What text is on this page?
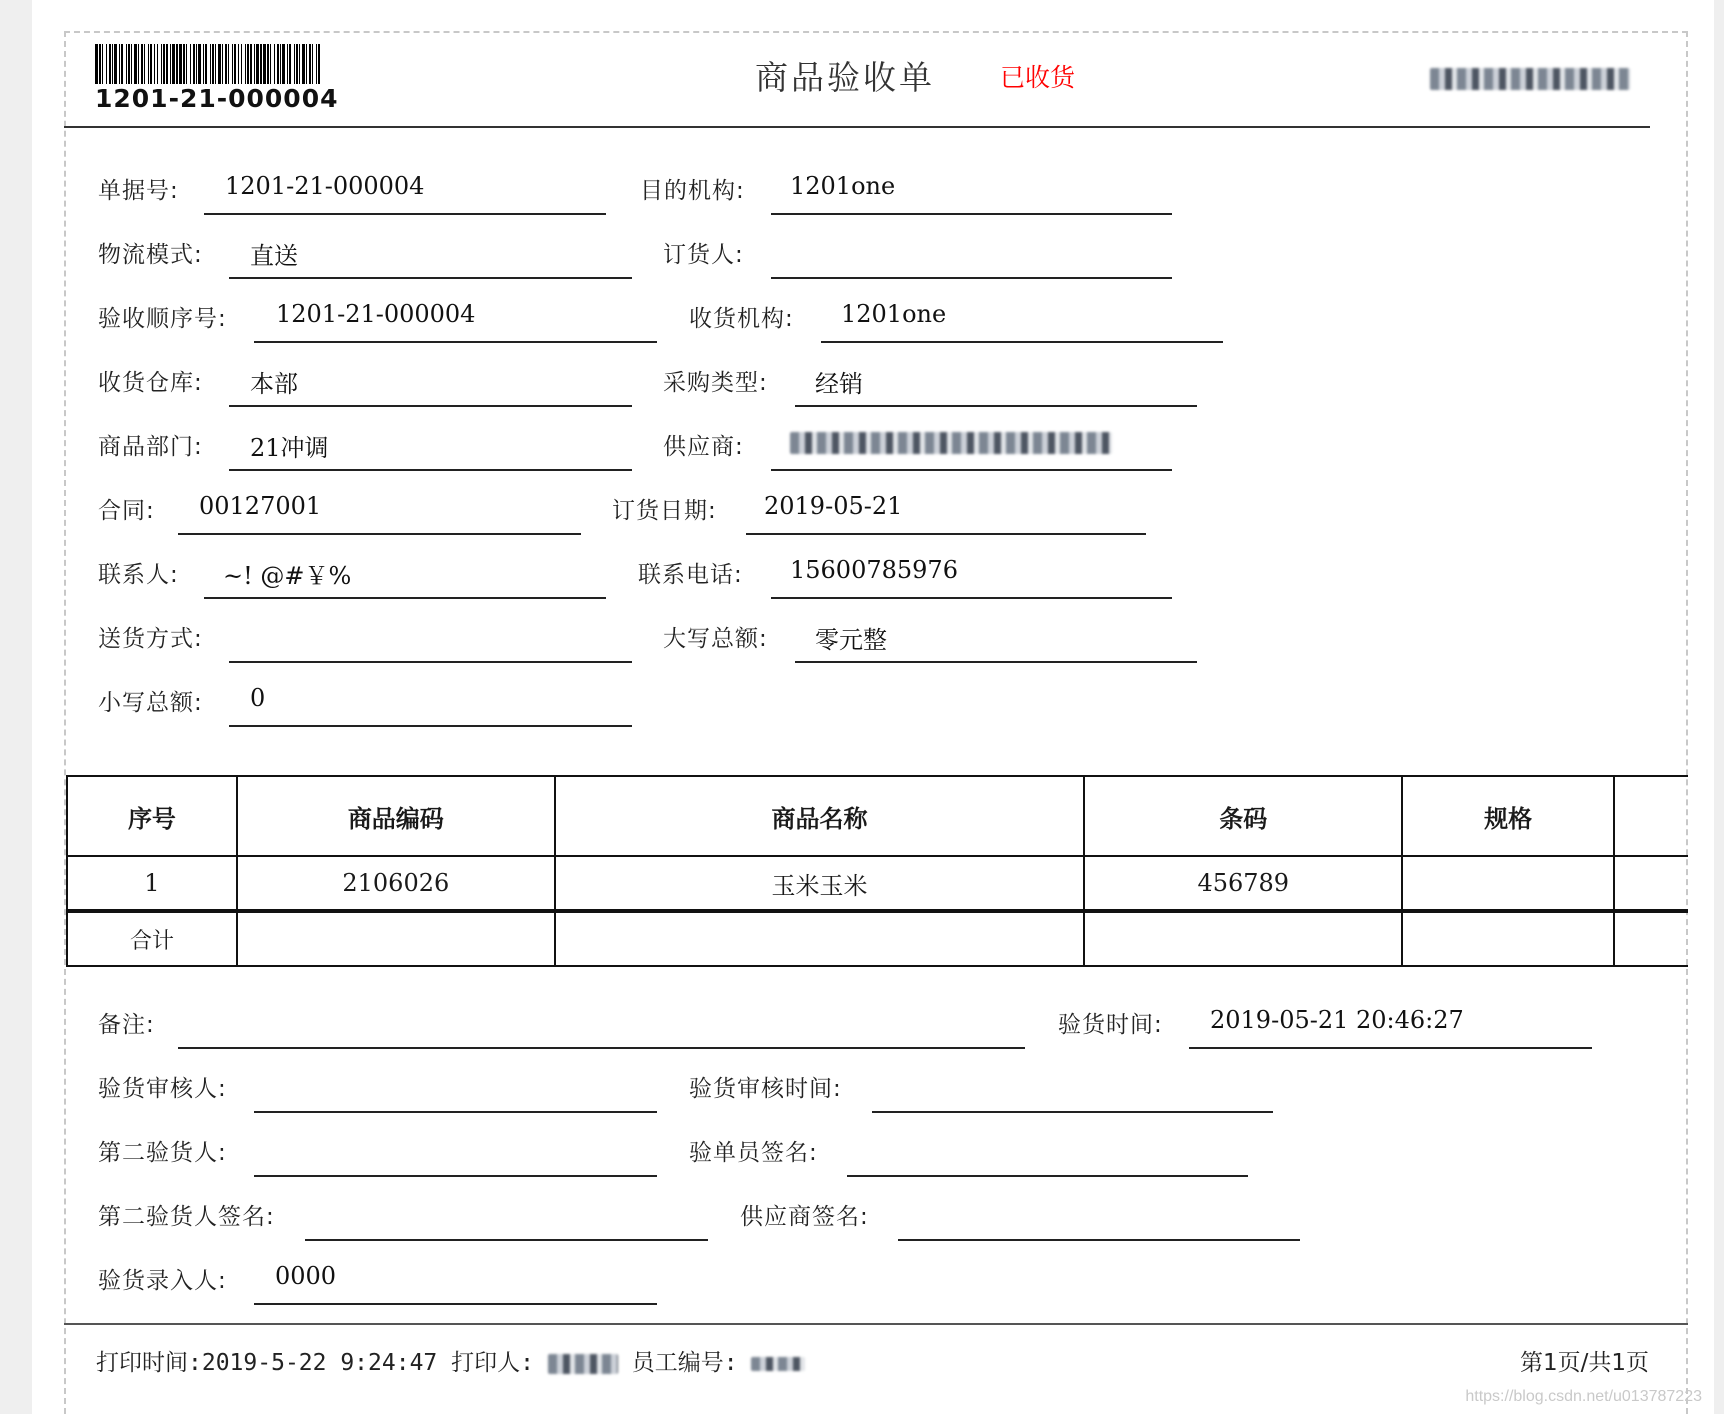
1201-21-000004
商品验收单	已收货
单据号: 1201-21-000004	目的机构: 1201one
物流模式: 直送	订货人:
验收顺序号: 1201-21-000004	收货机构: 1201one
收货仓库: 本部	采购类型: 经销
商品部门: 21冲调	供应商:
合同: 00127001	订货日期: 2019-05-21
联系人: ~! @#￥%	联系电话: 15600785976
送货方式:	大写总额: 零元整
小写总额: 0
序号	商品编码	商品名称	条码	规格	
1	2106026	玉米玉米	456789		
合计					
备注:	验货时间: 2019-05-21 20:46:27
验货审核人:	验货审核时间:
第二验货人:	验单员签名:
第二验货人签名:	供应商签名:
验货录入人: 0000
打印时间:2019-5-22 9:24:47 打印人:	员工编号:	第1页/共1页
https://blog.csdn.net/u013787223
